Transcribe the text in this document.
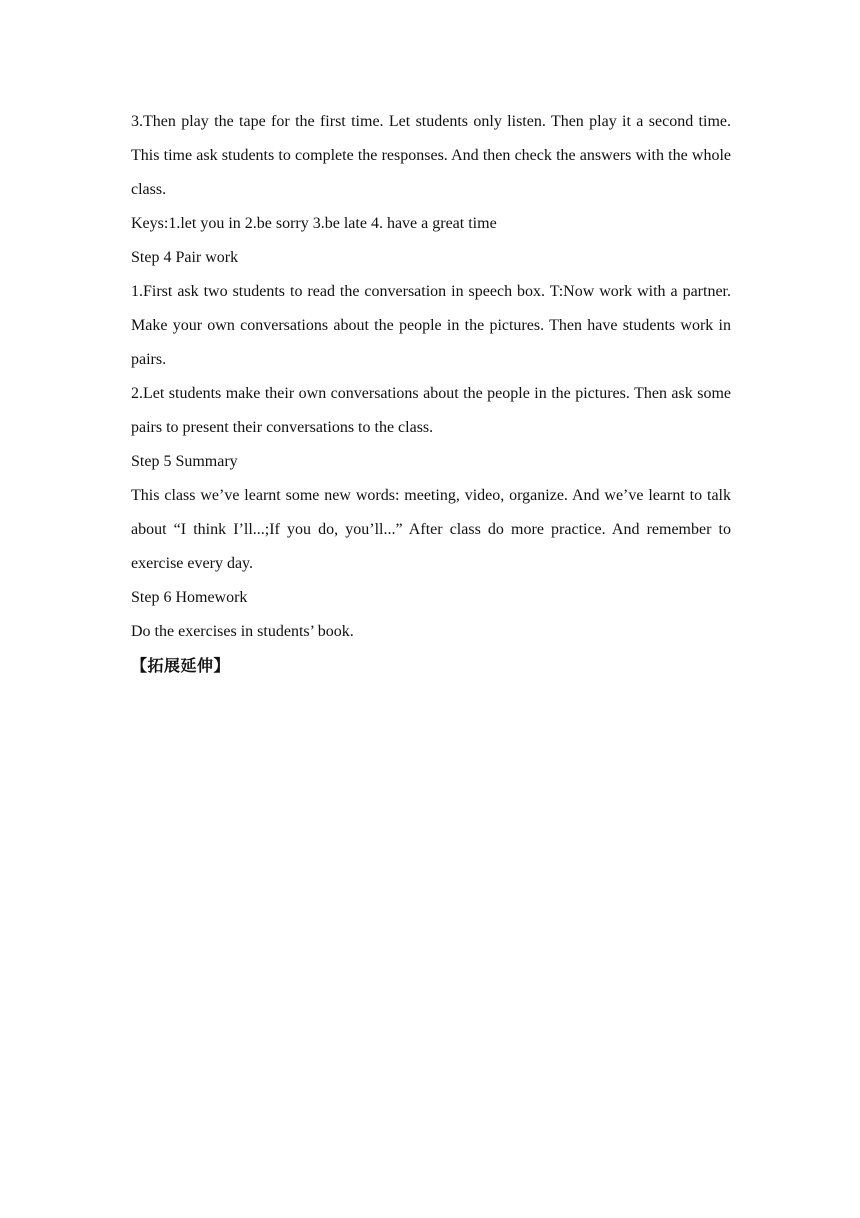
3.Then play the tape for the first time. Let students only listen. Then play it a second time. This time ask students to complete the responses. And then check the answers with the whole class.

Keys:1.let you in 2.be sorry 3.be late 4. have a great time

Step 4 Pair work

1.First ask two students to read the conversation in speech box. T:Now work with a partner. Make your own conversations about the people in the pictures. Then have students work in pairs.

2.Let students make their own conversations about the people in the pictures. Then ask some pairs to present their conversations to the class.

Step 5 Summary

This class we’ve learnt some new words: meeting, video, organize. And we’ve learnt to talk about “I think I’ll...;If you do, you’ll...” After class do more practice. And remember to exercise every day.

Step 6 Homework

Do the exercises in students’ book.

【拓展延伸】
